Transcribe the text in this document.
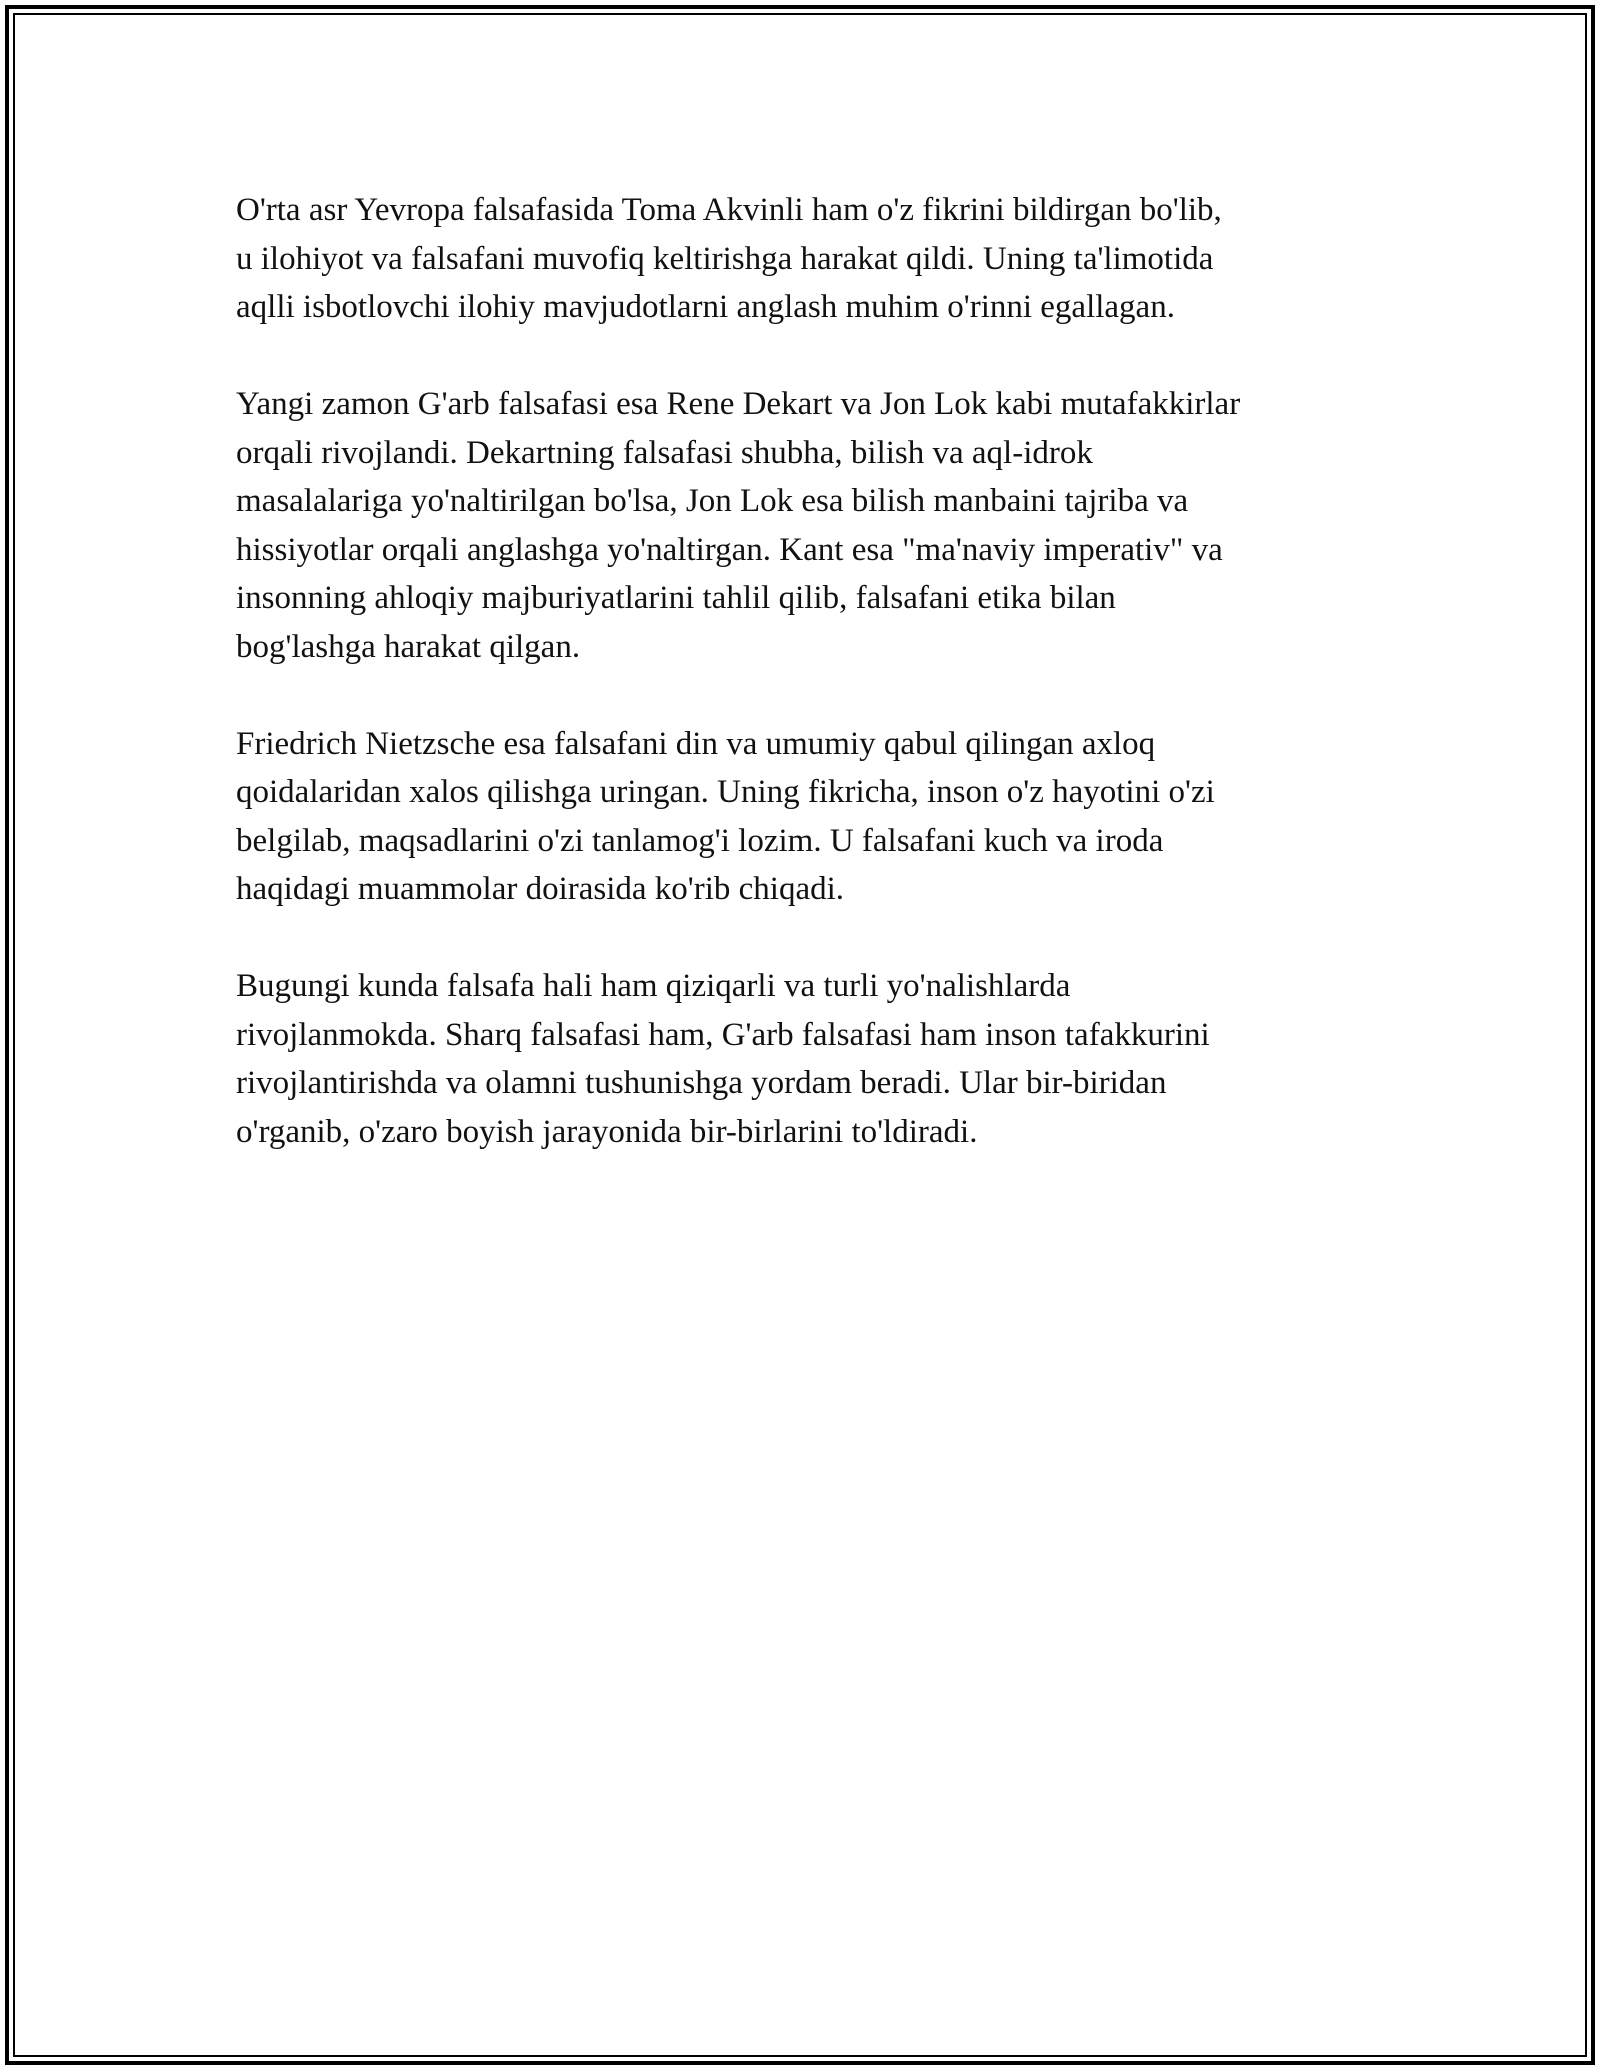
O'rta asr Yevropa falsafasida Toma Akvinli ham o'z fikrini bildirgan bo'lib,
u ilohiyot va falsafani muvofiq keltirishga harakat qildi. Uning ta'limotida
aqlli isbotlovchi ilohiy mavjudotlarni anglash muhim o'rinni egallagan.

Yangi zamon G'arb falsafasi esa Rene Dekart va Jon Lok kabi mutafakkirlar
orqali rivojlandi. Dekartning falsafasi shubha, bilish va aql-idrok
masalalariga yo'naltirilgan bo'lsa, Jon Lok esa bilish manbaini tajriba va
hissiyotlar orqali anglashga yo'naltirgan. Kant esa "ma'naviy imperativ" va
insonning ahloqiy majburiyatlarini tahlil qilib, falsafani etika bilan
bog'lashga harakat qilgan.

Friedrich Nietzsche esa falsafani din va umumiy qabul qilingan axloq
qoidalaridan xalos qilishga uringan. Uning fikricha, inson o'z hayotini o'zi
belgilab, maqsadlarini o'zi tanlamog'i lozim. U falsafani kuch va iroda
haqidagi muammolar doirasida ko'rib chiqadi.

Bugungi kunda falsafa hali ham qiziqarli va turli yo'nalishlarda
rivojlanmokda. Sharq falsafasi ham, G'arb falsafasi ham inson tafakkurini
rivojlantirishda va olamni tushunishga yordam beradi. Ular bir-biridan
o'rganib, o'zaro boyish jarayonida bir-birlarini to'ldiradi.
